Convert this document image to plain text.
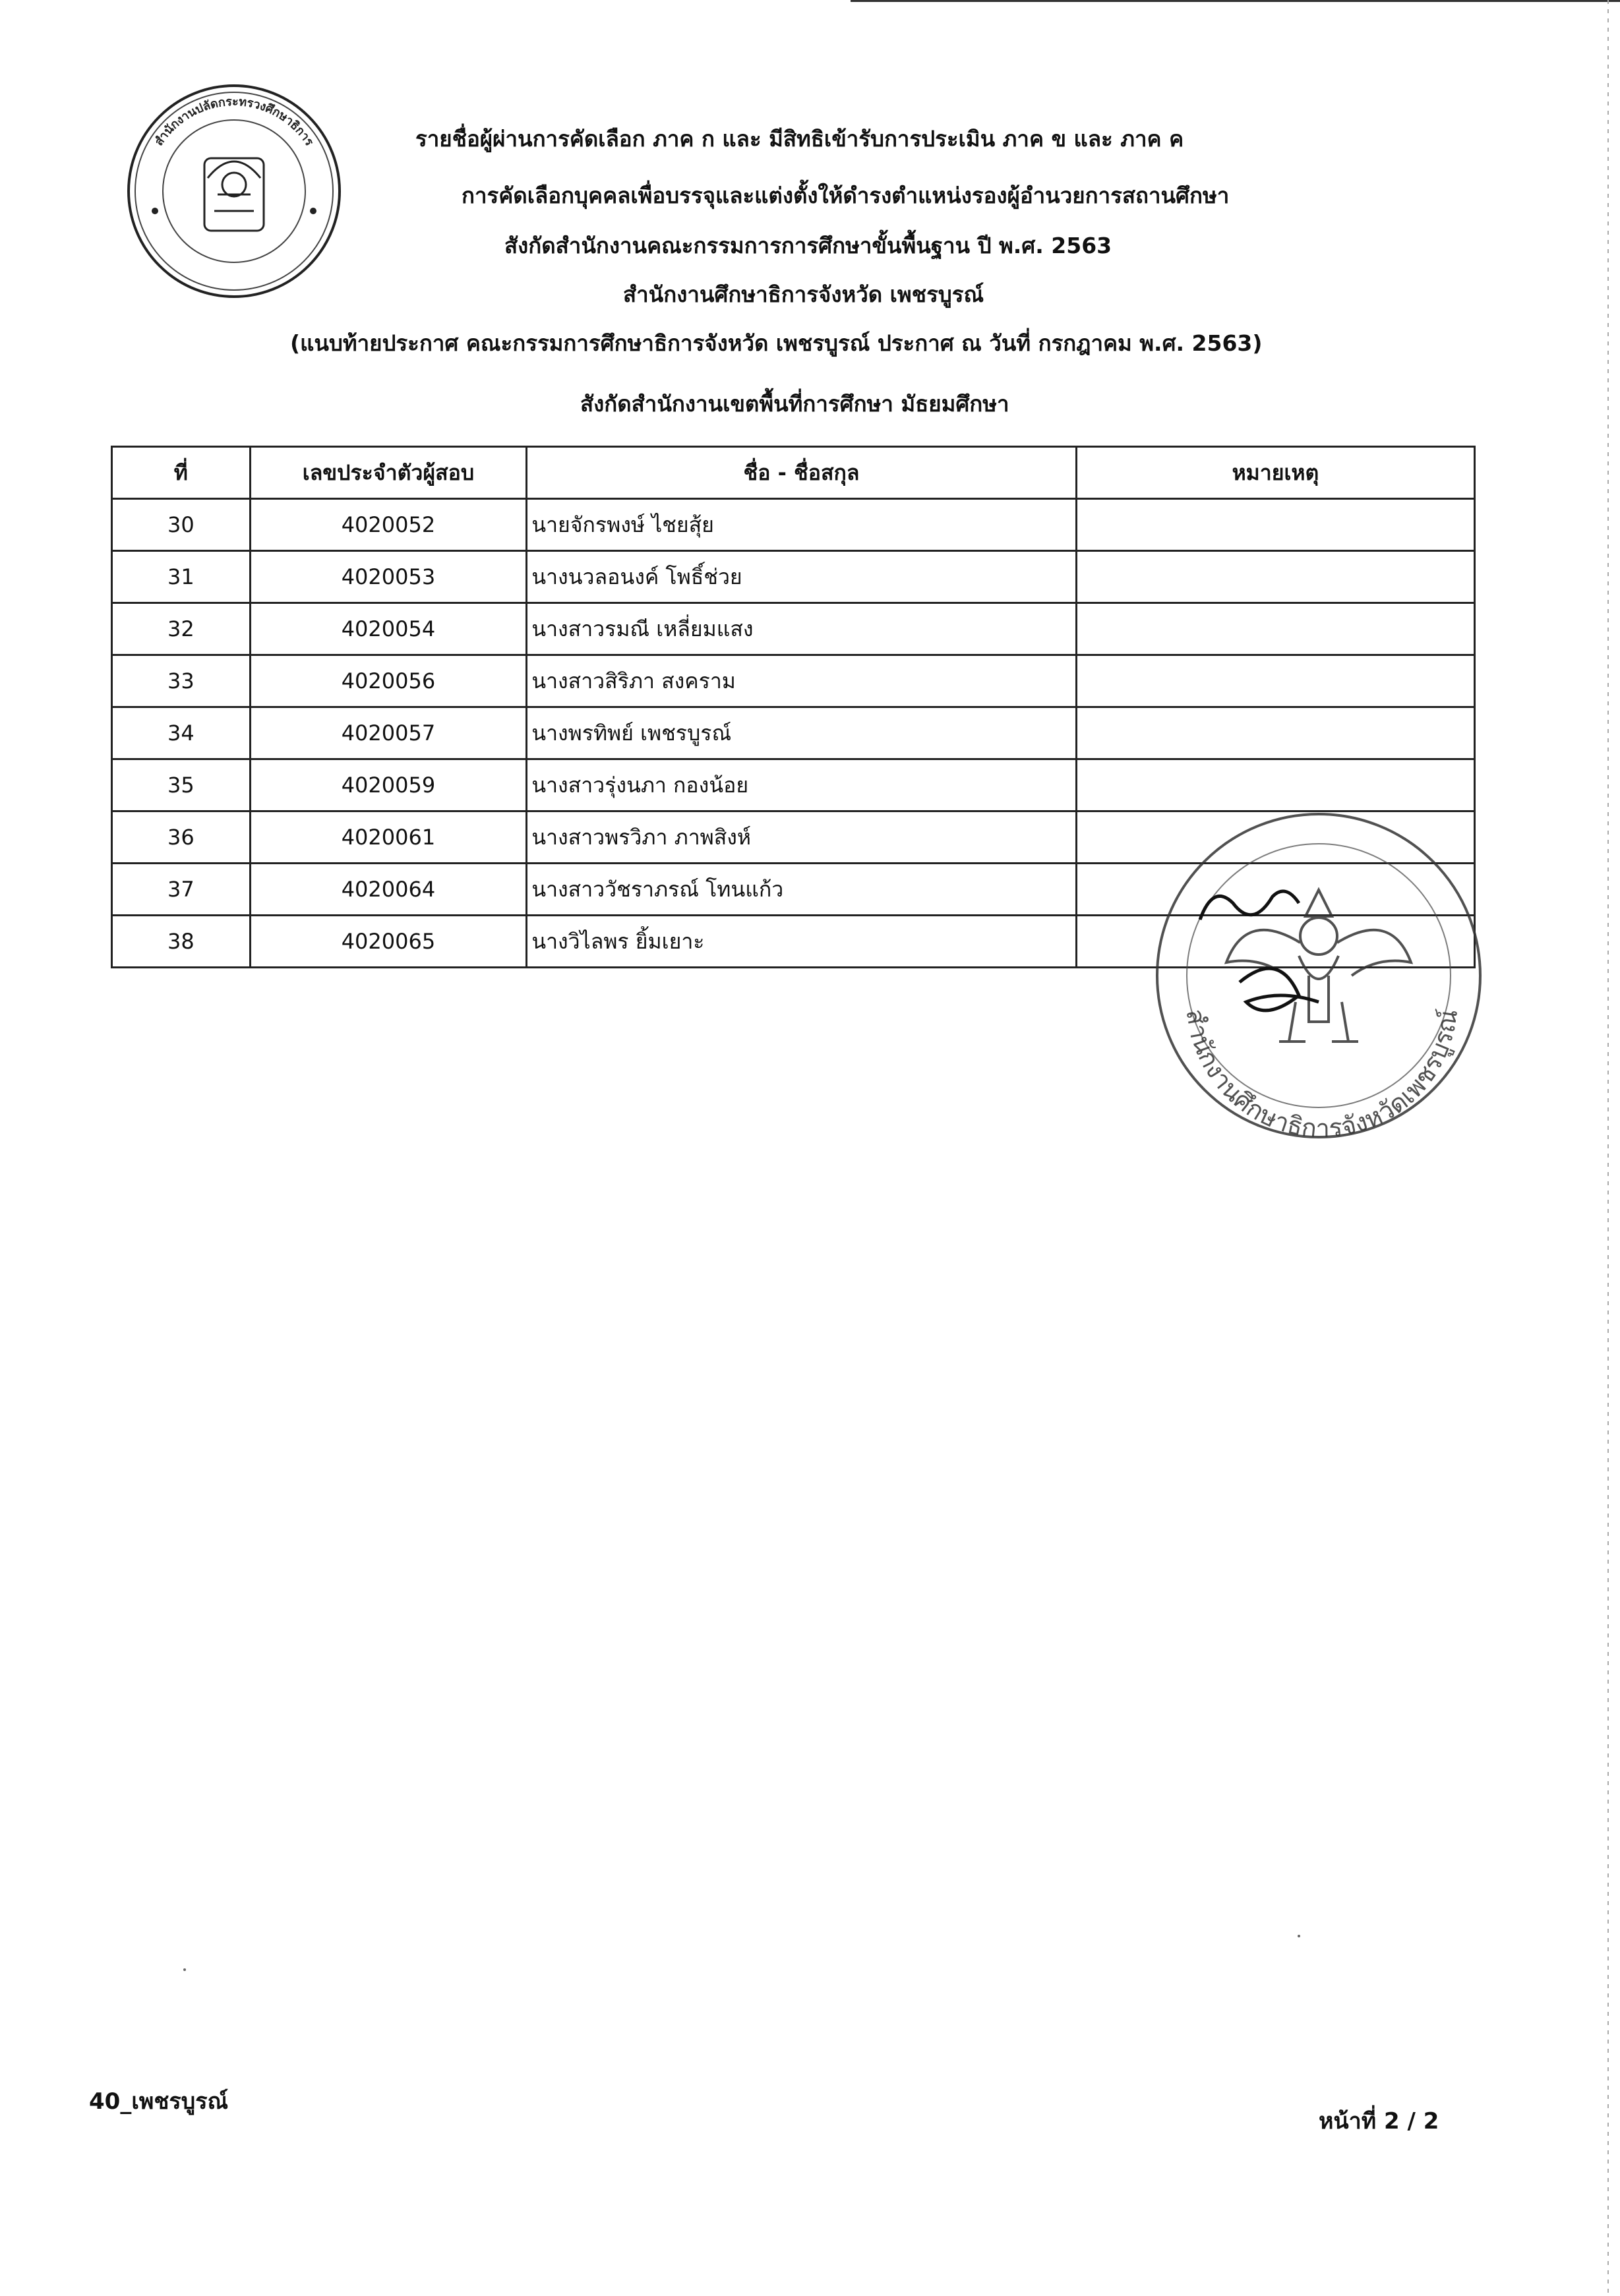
สำนักงานปลัดกระทรวงศึกษาธิการ	รายชื่อผู้ผ่านการคัดเลือก ภาค ก และ มีสิทธิเข้ารับการประเมิน ภาค ข และ ภาค ค
การคัดเลือกบุคคลเพื่อบรรจุและแต่งตั้งให้ดำรงตำแหน่งรองผู้อำนวยการสถานศึกษา
สังกัดสำนักงานคณะกรรมการการศึกษาขั้นพื้นฐาน ปี พ.ศ. 2563
สำนักงานศึกษาธิการจังหวัด เพชรบูรณ์
(แนบท้ายประกาศ คณะกรรมการศึกษาธิการจังหวัด เพชรบูรณ์ ประกาศ ณ วันที่ กรกฎาคม พ.ศ. 2563)
สังกัดสำนักงานเขตพื้นที่การศึกษา มัธยมศึกษา
ที่	เลขประจำตัวผู้สอบ	ชื่อ - ชื่อสกุล	หมายเหตุ
30	4020052	นายจักรพงษ์ ไชยสุ้ย	
31	4020053	นางนวลอนงค์ โพธิ์ช่วย	
32	4020054	นางสาวรมณี เหลี่ยมแสง	
33	4020056	นางสาวสิริภา สงคราม	
34	4020057	นางพรทิพย์ เพชรบูรณ์	
35	4020059	นางสาวรุ่งนภา กองน้อย	
36	4020061	นางสาวพรวิภา ภาพสิงห์	
37	4020064	นางสาววัชราภรณ์ โทนแก้ว	
38	4020065	นางวิไลพร ยิ้มเยาะ	
สำนักงานศึกษาธิการจังหวัดเพชรบูรณ์
40_เพชรบูรณ์
หน้าที่ 2 / 2
